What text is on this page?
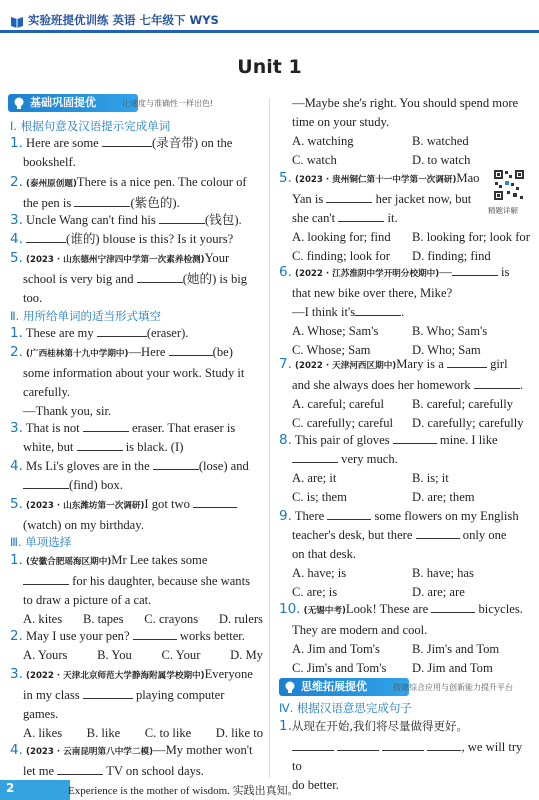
实验班提优训练 英语 七年级下 WYS
Unit 1
基础巩固提优	让速度与准确性一样出色!
Ⅰ. 根据句意及汉语提示完成单词
1. Here are some	(录音带) on the
bookshelf.
2. (泰州原创题)There is a nice pen. The colour of
the pen is	(紫色的).
3. Uncle Wang can't find his	(钱包).
4.	(谁的) blouse is this? Is it yours?
5. (2023 · 山东德州宁津四中学第一次素养检测)Your
school is very big and	(她的) is big
too.
Ⅱ. 用所给单词的适当形式填空
1. These are my	(eraser).
2. (广西桂林第十九中学期中)—Here	(be)
some information about your work. Study it
carefully.
—Thank you, sir.
3. That is not	eraser. That eraser is
white, but	is black. (I)
4. Ms Li's gloves are in the	(lose) and
(find) box.
5. (2023 · 山东潍坊第一次调研)I got two
(watch) on my birthday.
Ⅲ. 单项选择
1. (安徽合肥瑶海区期中)Mr Lee takes some
for his daughter, because she wants
to draw a picture of a cat.
A. kites B. tapes C. crayons D. rulers
2. May I use your pen?	works better.
A. Yours B. You C. Your D. My
3. (2022 · 天津北京师范大学静海附属学校期中)Everyone
in my class	playing computer
games.
A. likes B. like C. to like D. like to
4. (2023 · 云南昆明第八中学二模)—My mother won't
let me	TV on school days.
—Maybe she's right. You should spend more
time on your study.
A. watching	B. watched
C. watch	D. to watch
5. (2023 · 贵州铜仁第十一中学第一次调研)Mao
Yan is	her jacket now, but
she can't	it.
A. looking for; find	B. looking for; look for
C. finding; look for	D. finding; find
精题详解
6. (2022 · 江苏淮阴中学开明分校期中)—	is
that new bike over there, Mike?
—I think it's	.
A. Whose; Sam's	B. Who; Sam's
C. Whose; Sam	D. Who; Sam
7. (2022 · 天津河西区期中)Mary is a	girl
and she always does her homework	.
A. careful; careful	B. careful; carefully
C. carefully; careful	D. carefully; carefully
8. This pair of gloves	mine. I like
very much.
A. are; it	B. is; it
C. is; them	D. are; them
9. There	some flowers on my English
teacher's desk, but there	only one
on that desk.
A. have; is	B. have; has
C. are; is	D. are; are
10. (无锡中考)Look! These are	bicycles.
They are modern and cool.
A. Jim and Tom's	B. Jim's and Tom
C. Jim's and Tom's	D. Jim and Tom
思维拓展提优	搭建综合应用与创新能力提升平台
Ⅳ. 根据汉语意思完成句子
1.从现在开始,我们将尽量做得更好。
, we will try to
do better.
2	Experience is the mother of wisdom. 实践出真知。
